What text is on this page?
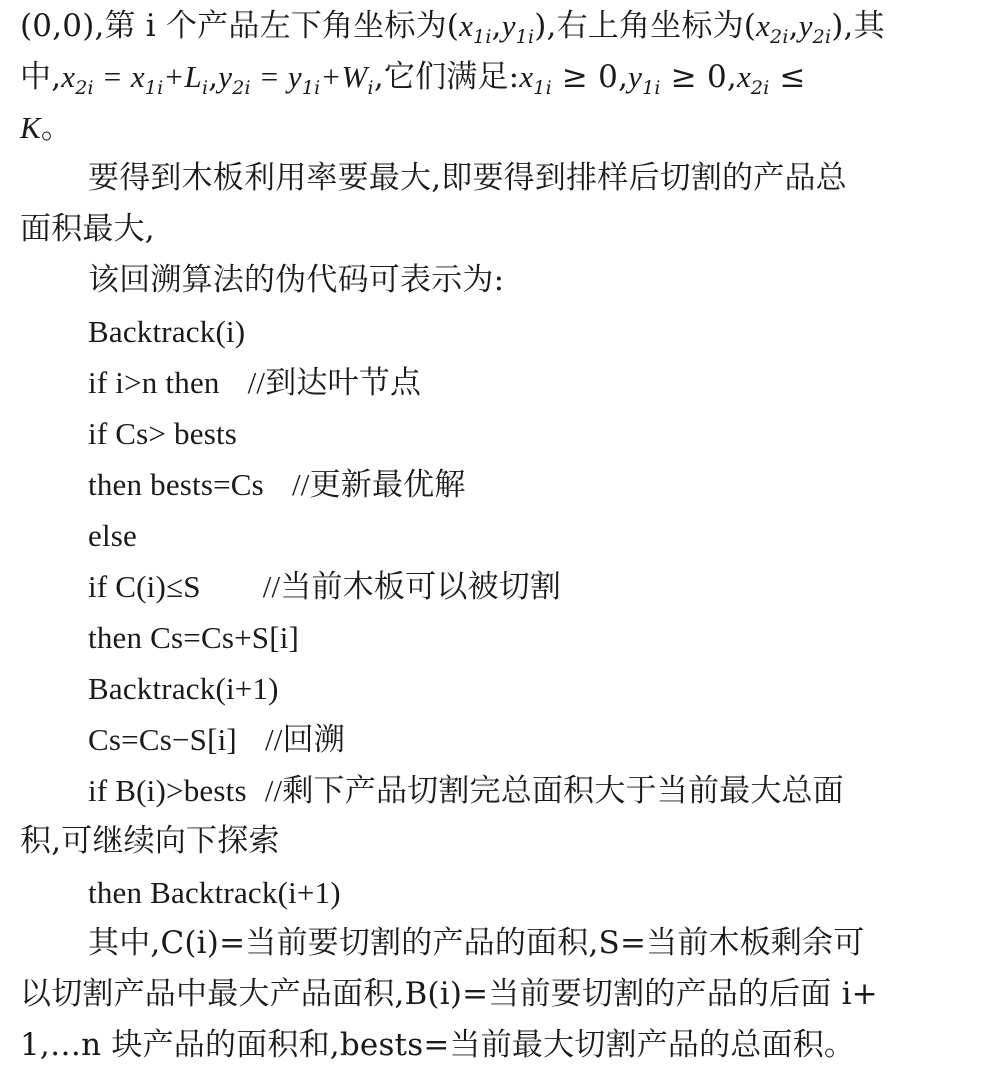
(0,0),第 i 个产品左下角坐标为$(x_{1i},y_{1i})$,右上角坐标为$(x_{2i},y_{2i})$,其
中$,x_{2i} = x_{1i}+L_i,y_{2i} = y_{1i}+W_i$,它们满足$:x_{1i} \ge 0,y_{1i} \ge 0,x_{2i}$ ≤
K。
要得到木板利用率要最大,即要得到排样后切割的产品总
面积最大,
该回溯算法的伪代码可表示为:
Backtrack(i)
if i>n then //到达叶节点
if Cs> bests
then bests=Cs //更新最优解
else
if C(i)≤S //当前木板可以被切割
then Cs=Cs+S[i]
Backtrack(i+1)
Cs=Cs−S[i] //回溯
if B(i)>bests //剩下产品切割完总面积大于当前最大总面
积,可继续向下探索
then Backtrack(i+1)
其中,C(i)=当前要切割的产品的面积,S=当前木板剩余可
以切割产品中最大产品面积,B(i)=当前要切割的产品的后面 i+
1,…n 块产品的面积和,bests=当前最大切割产品的总面积。
